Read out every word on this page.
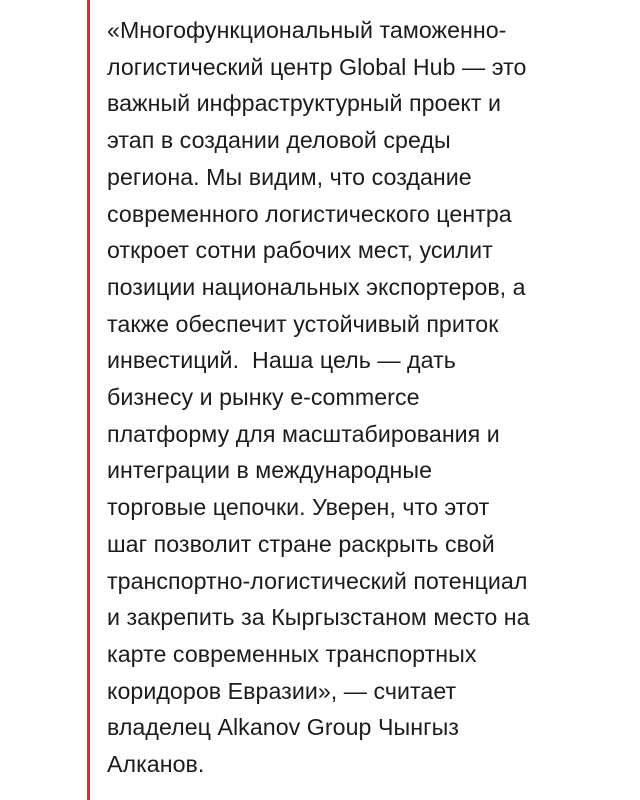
«Многофункциональный таможенно-
логистический центр Global Hub — это
важный инфраструктурный проект и
этап в создании деловой среды
региона. Мы видим, что создание
современного логистического центра
откроет сотни рабочих мест, усилит
позиции национальных экспортеров, а
также обеспечит устойчивый приток
инвестиций.  Наша цель — дать
бизнесу и рынку e-commerce
платформу для масштабирования и
интеграции в международные
торговые цепочки. Уверен, что этот
шаг позволит стране раскрыть свой
транспортно-логистический потенциал
и закрепить за Кыргызстаном место на
карте современных транспортных
коридоров Евразии», — считает
владелец Alkanov Group Чынгыз
Алканов.
